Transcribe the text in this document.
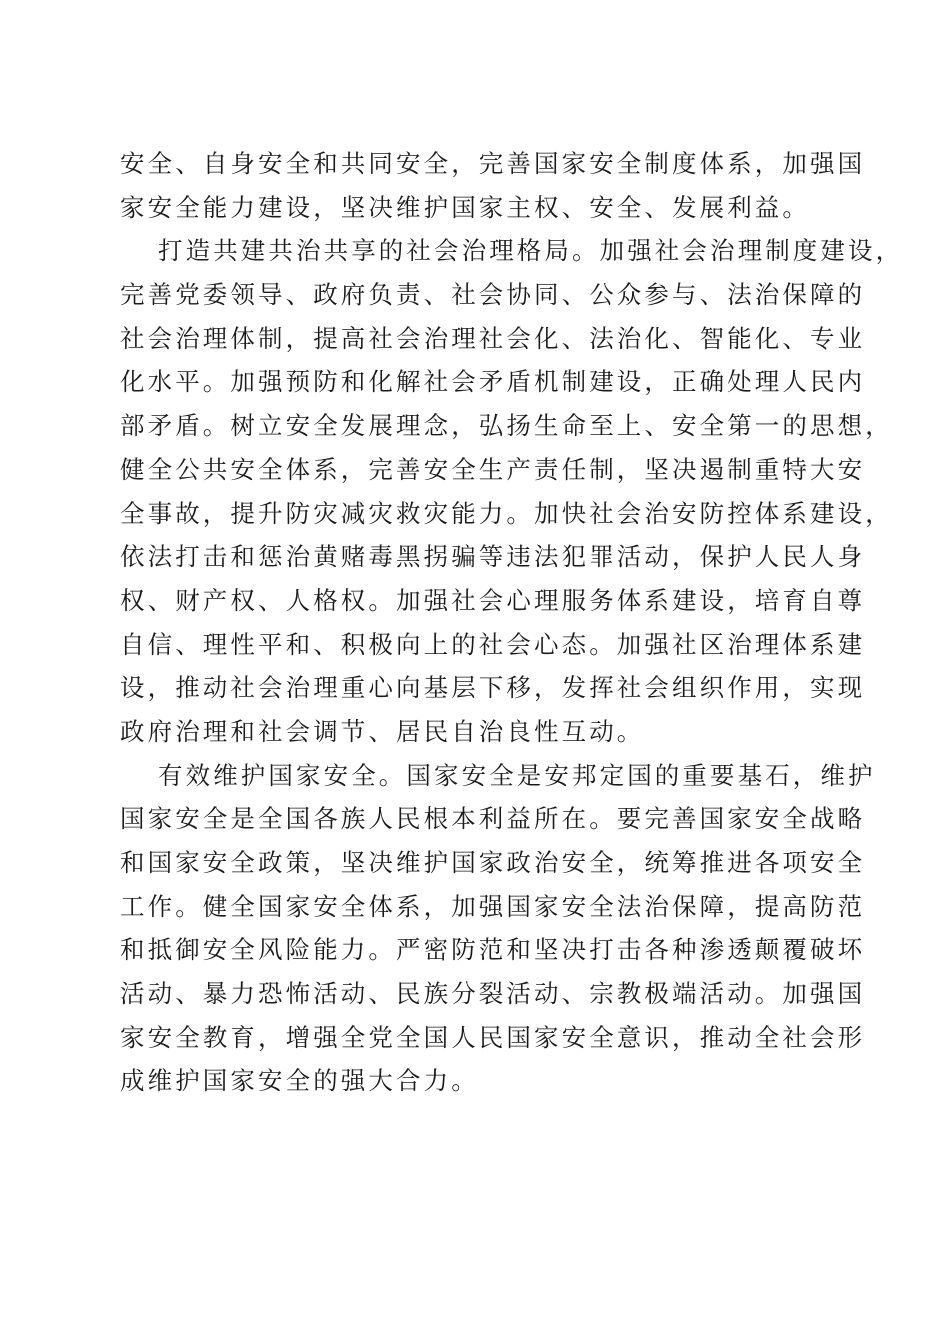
安全、自身安全和共同安全，完善国家安全制度体系，加强国
家安全能力建设，坚决维护国家主权、安全、发展利益。
打造共建共治共享的社会治理格局。加强社会治理制度建设，
完善党委领导、政府负责、社会协同、公众参与、法治保障的
社会治理体制，提高社会治理社会化、法治化、智能化、专业
化水平。加强预防和化解社会矛盾机制建设，正确处理人民内
部矛盾。树立安全发展理念，弘扬生命至上、安全第一的思想，
健全公共安全体系，完善安全生产责任制，坚决遏制重特大安
全事故，提升防灾减灾救灾能力。加快社会治安防控体系建设，
依法打击和惩治黄赌毒黑拐骗等违法犯罪活动，保护人民人身
权、财产权、人格权。加强社会心理服务体系建设，培育自尊
自信、理性平和、积极向上的社会心态。加强社区治理体系建
设，推动社会治理重心向基层下移，发挥社会组织作用，实现
政府治理和社会调节、居民自治良性互动。
有效维护国家安全。国家安全是安邦定国的重要基石，维护
国家安全是全国各族人民根本利益所在。要完善国家安全战略
和国家安全政策，坚决维护国家政治安全，统筹推进各项安全
工作。健全国家安全体系，加强国家安全法治保障，提高防范
和抵御安全风险能力。严密防范和坚决打击各种渗透颠覆破坏
活动、暴力恐怖活动、民族分裂活动、宗教极端活动。加强国
家安全教育，增强全党全国人民国家安全意识，推动全社会形
成维护国家安全的强大合力。
